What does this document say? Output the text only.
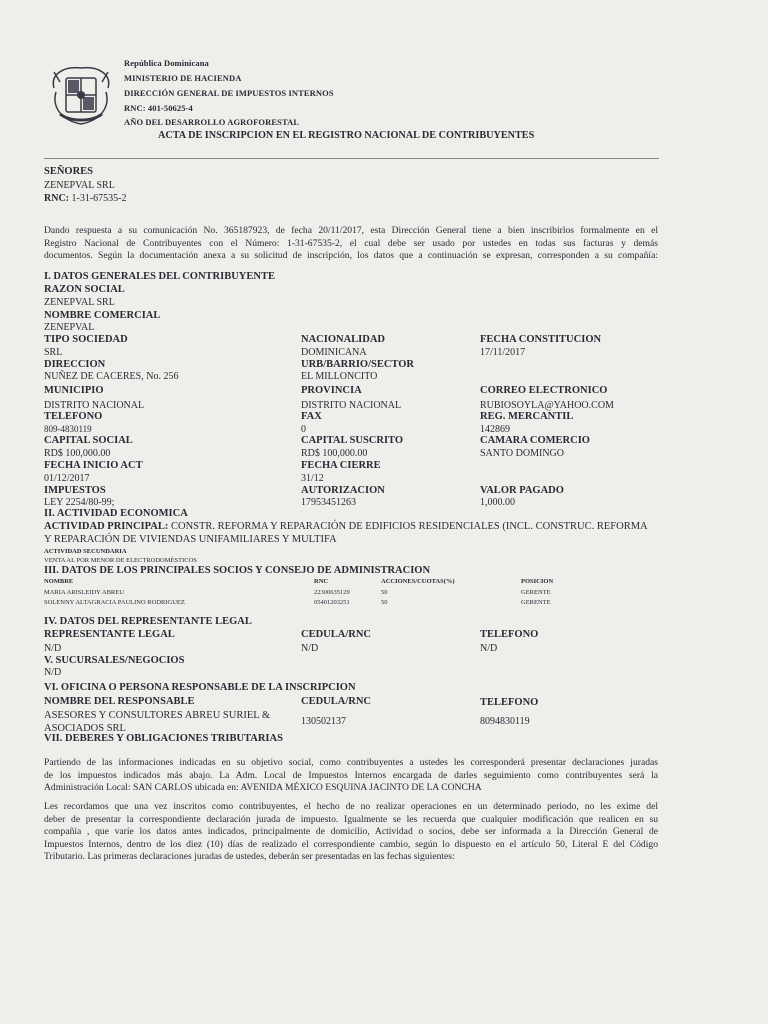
República Dominicana
MINISTERIO DE HACIENDA
DIRECCIÓN GENERAL DE IMPUESTOS INTERNOS
RNC: 401-50625-4
AÑO DEL DESARROLLO AGROFORESTAL
ACTA DE INSCRIPCION EN EL REGISTRO NACIONAL DE CONTRIBUYENTES
SEÑORES
ZENEPVAL SRL
RNC: 1-31-67535-2
Dando respuesta a su comunicación No. 365187923, de fecha 20/11/2017, esta Dirección General tiene a bien inscribirlos formalmente en el
Registro Nacional de Contribuyentes con el Número: 1-31-67535-2, el cual debe ser usado por ustedes en todas sus facturas y demás
documentos. Según la documentación anexa a su solicitud de inscripción, los datos que a continuación se expresan, corresponden a su compañía:
I. DATOS GENERALES DEL CONTRIBUYENTE
RAZON SOCIAL
ZENEPVAL SRL
NOMBRE COMERCIAL
ZENEPVAL
TIPO SOCIEDAD
SRL
NACIONALIDAD
DOMINICANA
FECHA CONSTITUCION
17/11/2017
DIRECCION
NUÑEZ DE CACERES, No. 256
URB/BARRIO/SECTOR
EL MILLONCITO
MUNICIPIO
DISTRITO NACIONAL
PROVINCIA
DISTRITO NACIONAL
CORREO ELECTRONICO
RUBIOSOYLA@YAHOO.COM
TELEFONO
809-4830119
FAX
0
REG. MERCANTIL
142869
CAPITAL SOCIAL
RD$ 100,000.00
CAPITAL SUSCRITO
RD$ 100,000.00
CAMARA COMERCIO
SANTO DOMINGO
FECHA INICIO ACT
01/12/2017
FECHA CIERRE
31/12
IMPUESTOS
LEY 2254/80-99;
AUTORIZACION
17953451263
VALOR PAGADO
1,000.00
II. ACTIVIDAD ECONOMICA
ACTIVIDAD PRINCIPAL: CONSTR. REFORMA Y REPARACIÓN DE EDIFICIOS RESIDENCIALES (INCL. CONSTRUC. REFORMA
Y REPARACIÓN DE VIVIENDAS UNIFAMILIARES Y MULTIFA
ACTIVIDAD SECUNDARIA
VENTA AL POR MENOR DE ELECTRODOMÉSTICOS
III. DATOS DE LOS PRINCIPALES SOCIOS Y CONSEJO DE ADMINISTRACION
NOMBRE	RNC	ACCIONES/CUOTAS(%)	POSICION
MARIA ARISLEIDY ABREU	22300635129	50	GERENTE
SOLENNY ALTAGRACIA PAULINO RODRIGUEZ	05401203251	50	GERENTE
IV. DATOS DEL REPRESENTANTE LEGAL
REPRESENTANTE LEGAL
N/D
CEDULA/RNC
N/D
TELEFONO
N/D
V. SUCURSALES/NEGOCIOS
N/D
VI. OFICINA O PERSONA RESPONSABLE DE LA INSCRIPCION
NOMBRE DEL RESPONSABLE
ASESORES Y CONSULTORES ABREU SURIEL &
ASOCIADOS SRL
CEDULA/RNC
130502137
TELEFONO
8094830119
VII. DEBERES Y OBLIGACIONES TRIBUTARIAS
Partiendo de las informaciones indicadas en su objetivo social, como contribuyentes a ustedes les corresponderá presentar declaraciones juradas
de los impuestos indicados más abajo. La Adm. Local de Impuestos Internos encargada de darles seguimiento como contribuyentes será la
Administración Local: SAN CARLOS ubicada en: AVENIDA MÉXICO ESQUINA JACINTO DE LA CONCHA
Les recordamos que una vez inscritos como contribuyentes, el hecho de no realizar operaciones en un determinado periodo, no les exime del
deber de presentar la correspondiente declaración jurada de impuesto. Igualmente se les recuerda que cualquier modificación que realicen en su
compañía , que varíe los datos antes indicados, principalmente de domicilio, Actividad o socios, debe ser informada a la Dirección General de
Impuestos Internos, dentro de los diez (10) días de realizado el correspondiente cambio, según lo dispuesto en el artículo 50, Literal E del Código
Tributario. Las primeras declaraciones juradas de ustedes, deberán ser presentadas en las fechas siguientes:
